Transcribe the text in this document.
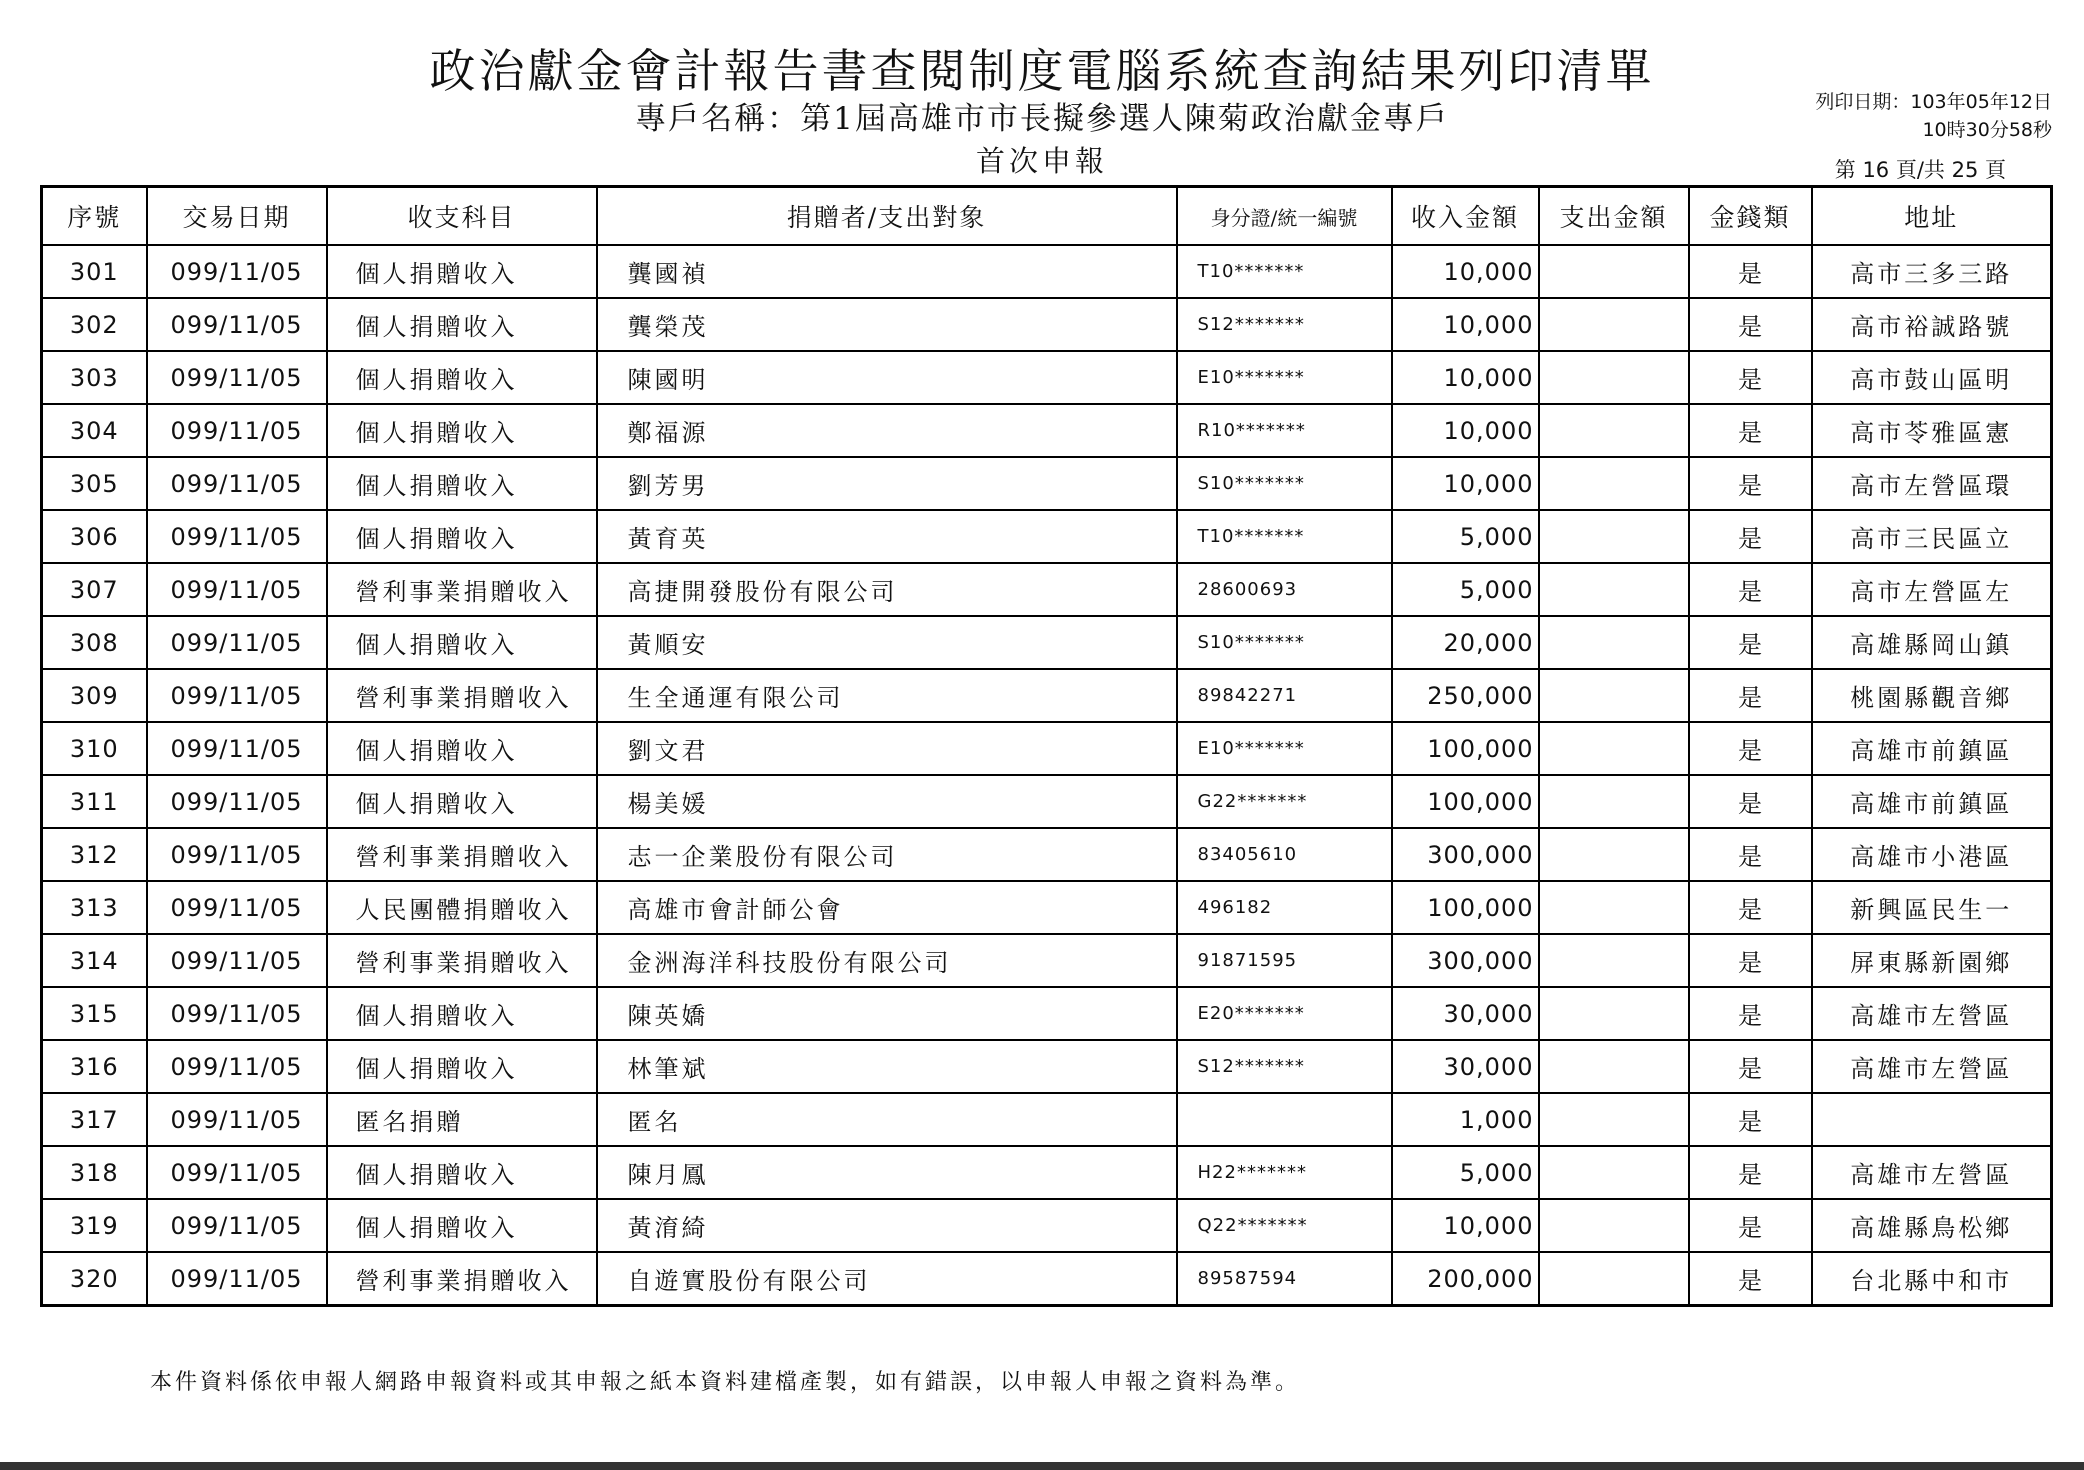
政治獻金會計報告書查閱制度電腦系統查詢結果列印清單
專戶名稱：第1屆高雄市市長擬參選人陳菊政治獻金專戶
首次申報
列印日期：103年05年12日
10時30分58秒
第 16 頁/共 25 頁
序號	交易日期	收支科目	捐贈者/支出對象	身分證/統一編號	收入金額	支出金額	金錢類	地址
301	099/11/05	個人捐贈收入	龔國禎	T10*******	10,000		是	高市三多三路
302	099/11/05	個人捐贈收入	龔榮茂	S12*******	10,000		是	高市裕誠路號
303	099/11/05	個人捐贈收入	陳國明	E10*******	10,000		是	高市鼓山區明
304	099/11/05	個人捐贈收入	鄭福源	R10*******	10,000		是	高市苓雅區憲
305	099/11/05	個人捐贈收入	劉芳男	S10*******	10,000		是	高市左營區環
306	099/11/05	個人捐贈收入	黃育英	T10*******	5,000		是	高市三民區立
307	099/11/05	營利事業捐贈收入	高捷開發股份有限公司	28600693	5,000		是	高市左營區左
308	099/11/05	個人捐贈收入	黃順安	S10*******	20,000		是	高雄縣岡山鎮
309	099/11/05	營利事業捐贈收入	生全通運有限公司	89842271	250,000		是	桃園縣觀音鄉
310	099/11/05	個人捐贈收入	劉文君	E10*******	100,000		是	高雄市前鎮區
311	099/11/05	個人捐贈收入	楊美媛	G22*******	100,000		是	高雄市前鎮區
312	099/11/05	營利事業捐贈收入	志一企業股份有限公司	83405610	300,000		是	高雄市小港區
313	099/11/05	人民團體捐贈收入	高雄市會計師公會	496182	100,000		是	新興區民生一
314	099/11/05	營利事業捐贈收入	金洲海洋科技股份有限公司	91871595	300,000		是	屏東縣新園鄉
315	099/11/05	個人捐贈收入	陳英嬌	E20*******	30,000		是	高雄市左營區
316	099/11/05	個人捐贈收入	林筆斌	S12*******	30,000		是	高雄市左營區
317	099/11/05	匿名捐贈	匿名		1,000		是	
318	099/11/05	個人捐贈收入	陳月鳳	H22*******	5,000		是	高雄市左營區
319	099/11/05	個人捐贈收入	黃淯綺	Q22*******	10,000		是	高雄縣鳥松鄉
320	099/11/05	營利事業捐贈收入	自遊實股份有限公司	89587594	200,000		是	台北縣中和市
本件資料係依申報人網路申報資料或其申報之紙本資料建檔產製，如有錯誤，以申報人申報之資料為準。
